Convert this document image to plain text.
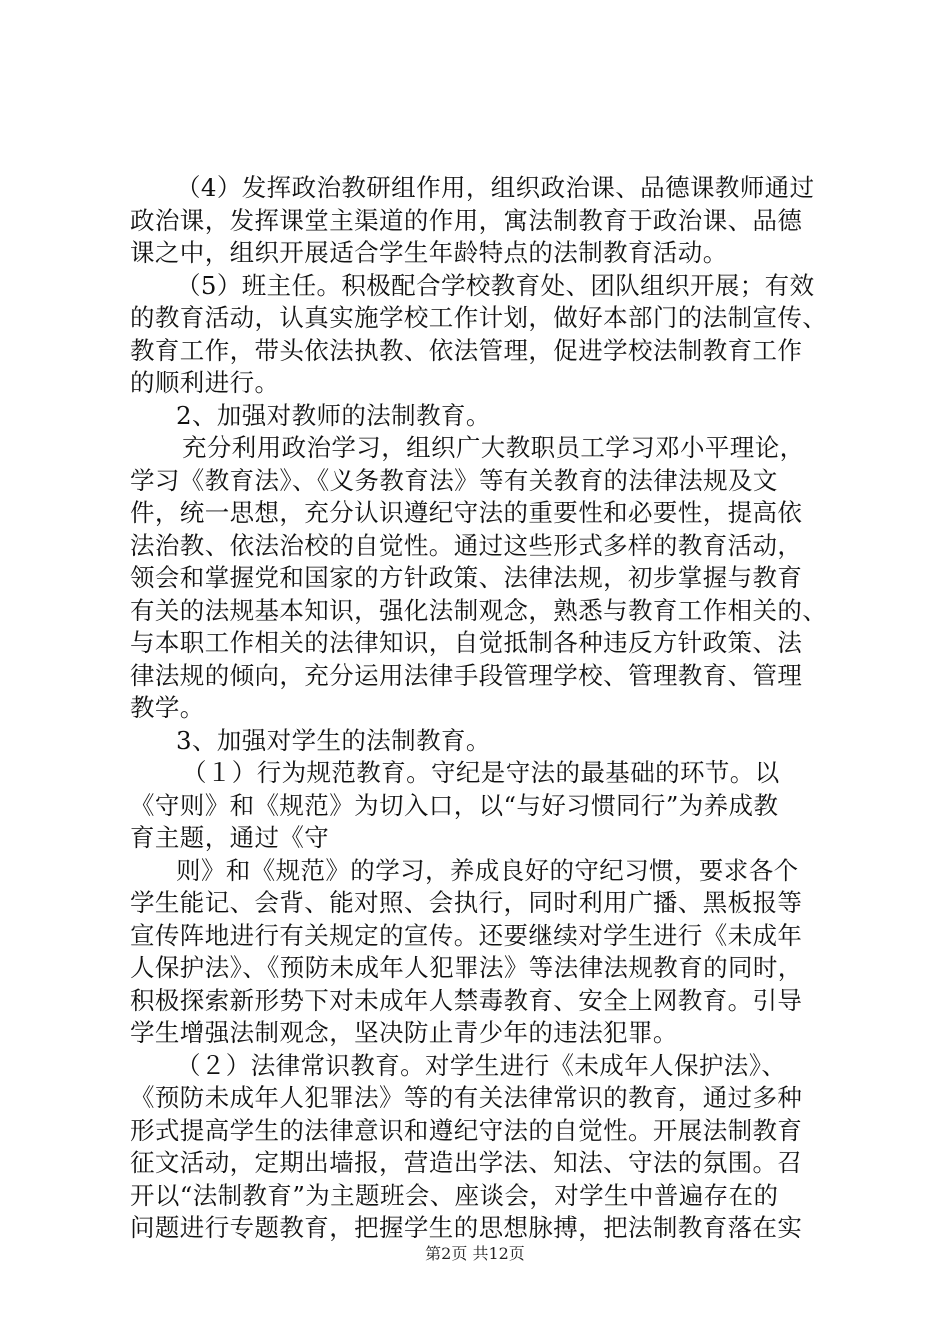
（4）发挥政治教研组作用，组织政治课、品德课教师通过
政治课，发挥课堂主渠道的作用，寓法制教育于政治课、品德
课之中，组织开展适合学生年龄特点的法制教育活动。
（5）班主任。积极配合学校教育处、团队组织开展；有效
的教育活动，认真实施学校工作计划，做好本部门的法制宣传、
教育工作，带头依法执教、依法管理，促进学校法制教育工作
的顺利进行。
2、加强对教师的法制教育。
充分利用政治学习，组织广大教职员工学习邓小平理论，
学习《教育法》、《义务教育法》等有关教育的法律法规及文
件，统一思想，充分认识遵纪守法的重要性和必要性，提高依
法治教、依法治校的自觉性。通过这些形式多样的教育活动，
领会和掌握党和国家的方针政策、法律法规，初步掌握与教育
有关的法规基本知识，强化法制观念，熟悉与教育工作相关的、
与本职工作相关的法律知识，自觉抵制各种违反方针政策、法
律法规的倾向，充分运用法律手段管理学校、管理教育、管理
教学。
3、加强对学生的法制教育。
（１）行为规范教育。守纪是守法的最基础的环节。以
《守则》和《规范》为切入口，以“与好习惯同行”为养成教
育主题，通过《守
则》和《规范》的学习，养成良好的守纪习惯，要求各个
学生能记、会背、能对照、会执行，同时利用广播、黑板报等
宣传阵地进行有关规定的宣传。还要继续对学生进行《未成年
人保护法》、《预防未成年人犯罪法》等法律法规教育的同时，
积极探索新形势下对未成年人禁毒教育、安全上网教育。引导
学生增强法制观念，坚决防止青少年的违法犯罪。
（２）法律常识教育。对学生进行《未成年人保护法》、
《预防未成年人犯罪法》等的有关法律常识的教育，通过多种
形式提高学生的法律意识和遵纪守法的自觉性。开展法制教育
征文活动，定期出墙报，营造出学法、知法、守法的氛围。召
开以“法制教育”为主题班会、座谈会，对学生中普遍存在的
问题进行专题教育，把握学生的思想脉搏，把法制教育落在实
第2页 共12页
